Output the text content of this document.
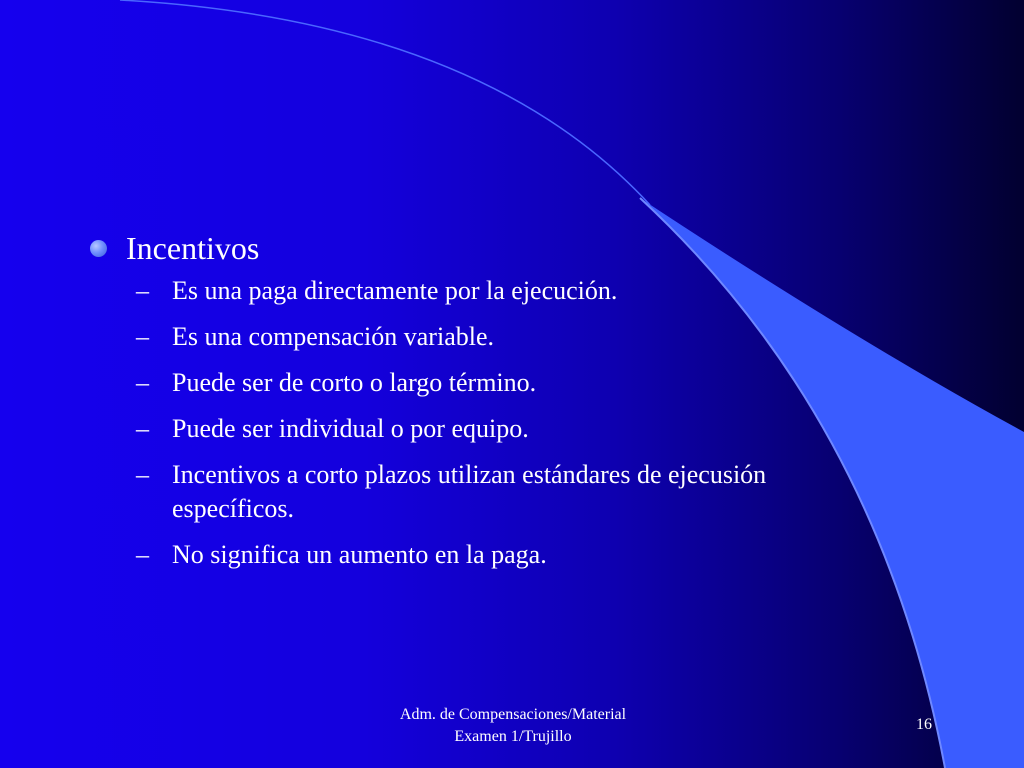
Incentivos
– Es una paga directamente por la ejecución.
– Es una compensación variable.
– Puede ser de corto o largo término.
– Puede ser individual o por equipo.
– Incentivos a corto plazos utilizan estándares de ejecusión específicos.
– No significa un aumento en la paga.
Adm. de Compensaciones/Material
Examen 1/Trujillo
16
